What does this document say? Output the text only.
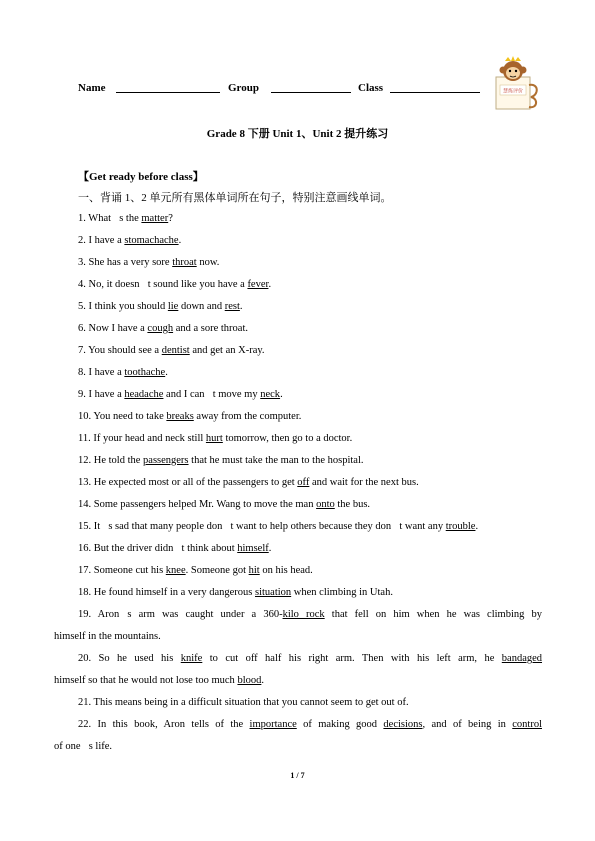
Name	Group	Class	慧炼评价
Grade 8 下册 Unit 1、Unit 2 提升练习
【Get ready before class】
一、背诵 1、2 单元所有黑体单词所在句子，特别注意画线单词。
1. What⃣s the matter?
2. I have a stomachache.
3. She has a very sore throat now.
4. No, it doesn⃣t sound like you have a fever.
5. I think you should lie down and rest.
6. Now I have a cough and a sore throat.
7. You should see a dentist and get an X-ray.
8. I have a toothache.
9. I have a headache and I can⃣t move my neck.
10. You need to take breaks away from the computer.
11. If your head and neck still hurt tomorrow, then go to a doctor.
12. He told the passengers that he must take the man to the hospital.
13. He expected most or all of the passengers to get off and wait for the next bus.
14. Some passengers helped Mr. Wang to move the man onto the bus.
15. It⃣s sad that many people don⃣t want to help others because they don⃣t want any trouble.
16. But the driver didn⃣t think about himself.
17. Someone cut his knee. Someone got hit on his head.
18. He found himself in a very dangerous situation when climbing in Utah.
19. Aron⃣s arm was caught under a 360-kilo rock that fell on him when he was climbing by
himself in the mountains.
20. So he used his knife to cut off half his right arm. Then with his left arm, he bandaged
himself so that he would not lose too much blood.
21. This means being in a difficult situation that you cannot seem to get out of.
22. In this book, Aron tells of the importance of making good decisions, and of being in control
of one⃣s life.
1 / 7
